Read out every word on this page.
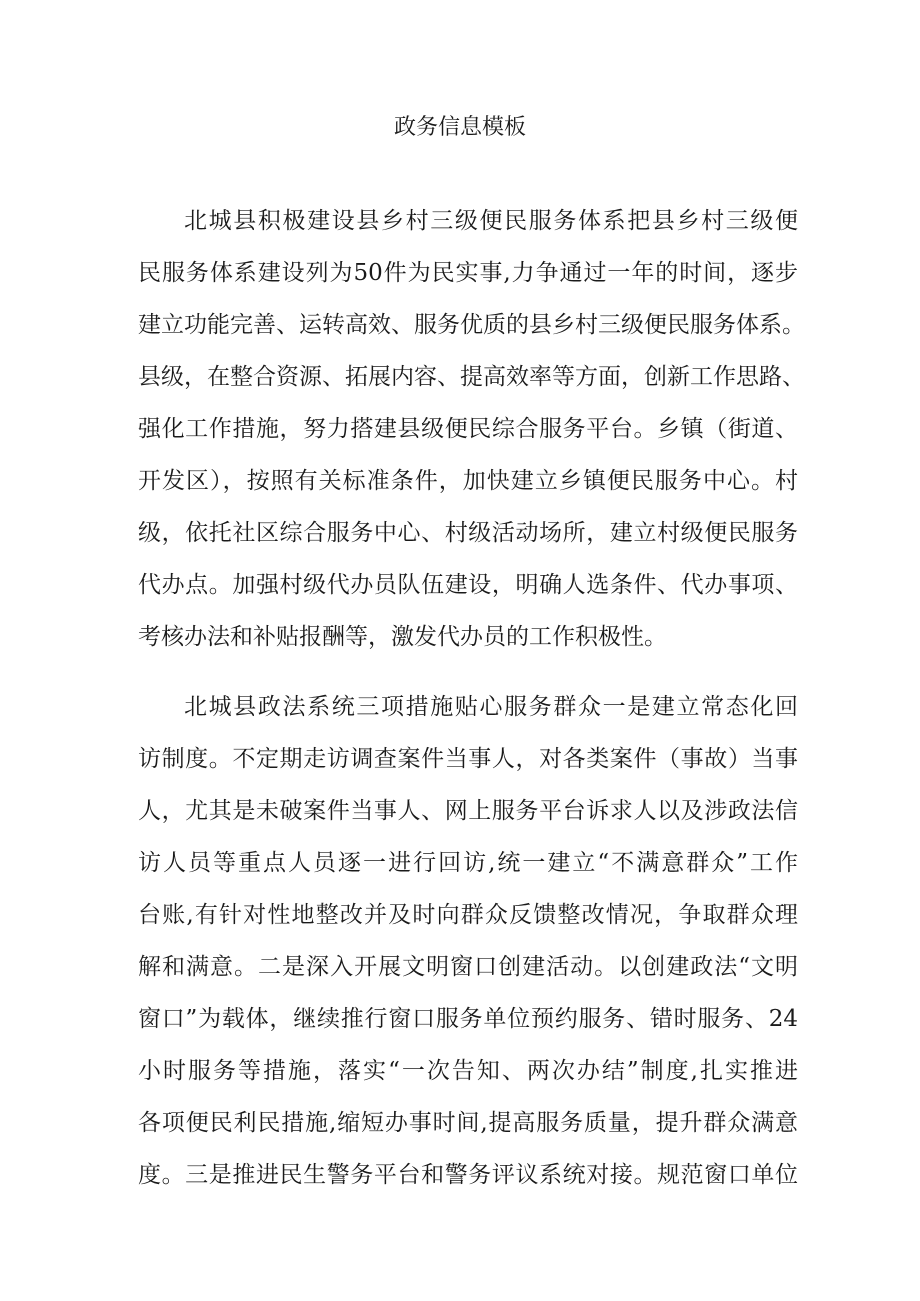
政务信息模板
北城县积极建设县乡村三级便民服务体系把县乡村三级便
民服务体系建设列为50件为民实事,力争通过一年的时间，逐步
建立功能完善、运转高效、服务优质的县乡村三级便民服务体系。
县级，在整合资源、拓展内容、提高效率等方面，创新工作思路、
强化工作措施，努力搭建县级便民综合服务平台。乡镇（街道、
开发区），按照有关标准条件，加快建立乡镇便民服务中心。村
级，依托社区综合服务中心、村级活动场所，建立村级便民服务
代办点。加强村级代办员队伍建设，明确人选条件、代办事项、
考核办法和补贴报酬等，激发代办员的工作积极性。
北城县政法系统三项措施贴心服务群众一是建立常态化回
访制度。不定期走访调查案件当事人，对各类案件（事故）当事
人，尤其是未破案件当事人、网上服务平台诉求人以及涉政法信
访人员等重点人员逐一进行回访,统一建立“不满意群众”工作
台账,有针对性地整改并及时向群众反馈整改情况，争取群众理
解和满意。二是深入开展文明窗口创建活动。以创建政法“文明
窗口”为载体，继续推行窗口服务单位预约服务、错时服务、24
小时服务等措施，落实“一次告知、两次办结”制度,扎实推进
各项便民利民措施,缩短办事时间,提高服务质量，提升群众满意
度。三是推进民生警务平台和警务评议系统对接。规范窗口单位
